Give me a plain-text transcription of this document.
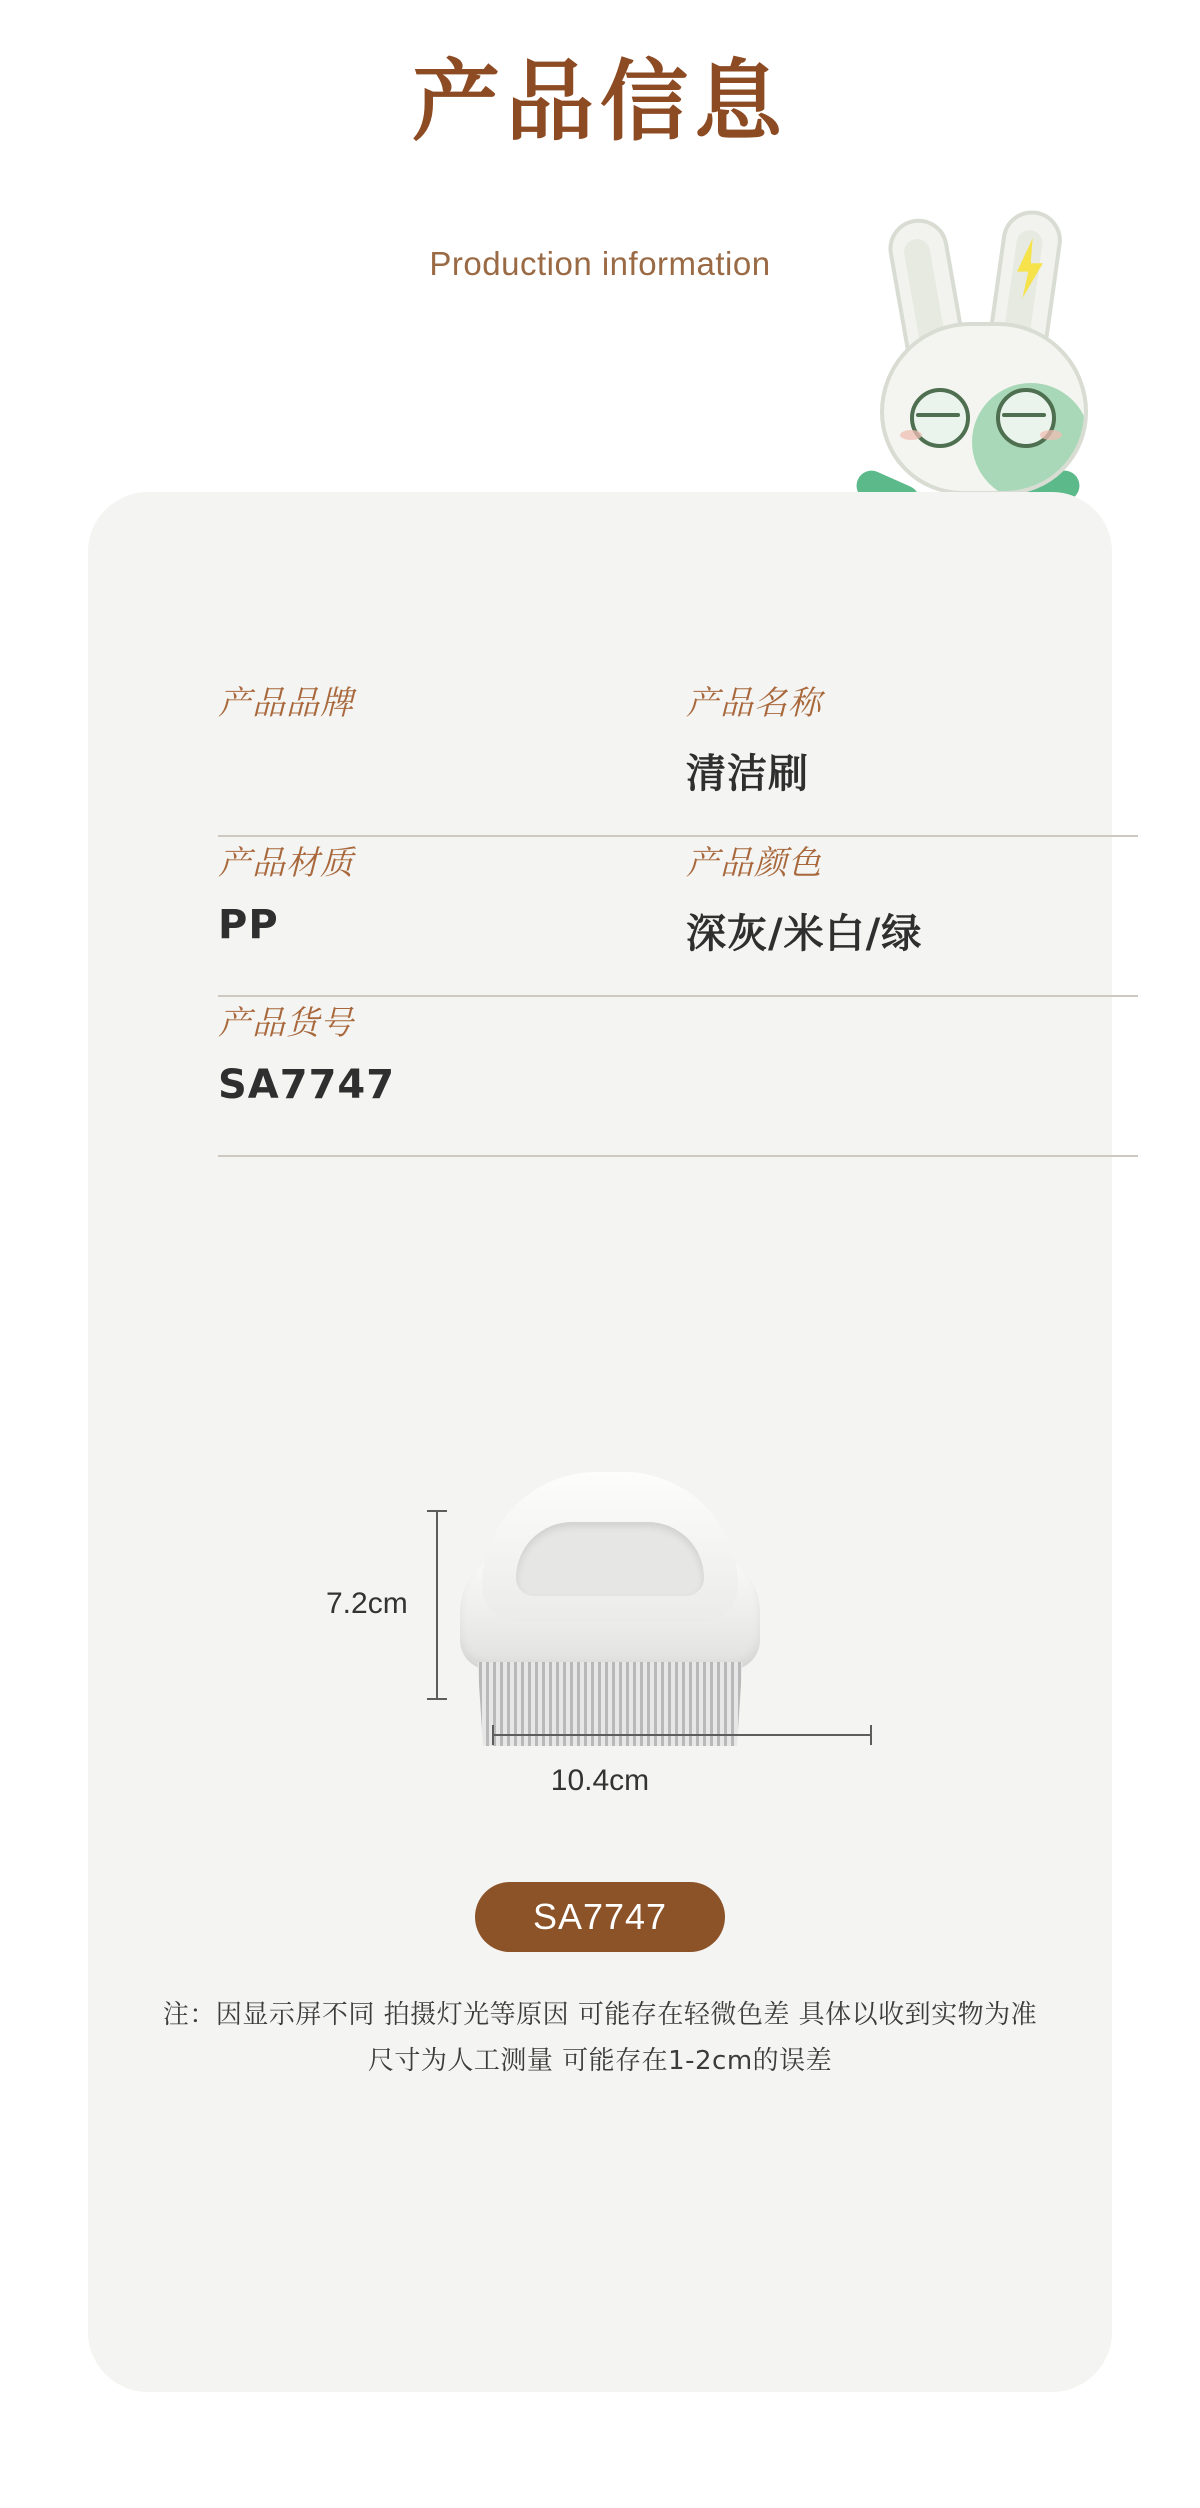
产品信息
Production information
产品品牌	产品名称
清洁刷
产品材质
PP
产品颜色
深灰/米白/绿
产品货号
SA7747
7.2cm
10.4cm
SA7747
注：因显示屏不同 拍摄灯光等原因 可能存在轻微色差 具体以收到实物为准
尺寸为人工测量 可能存在1-2cm的误差
